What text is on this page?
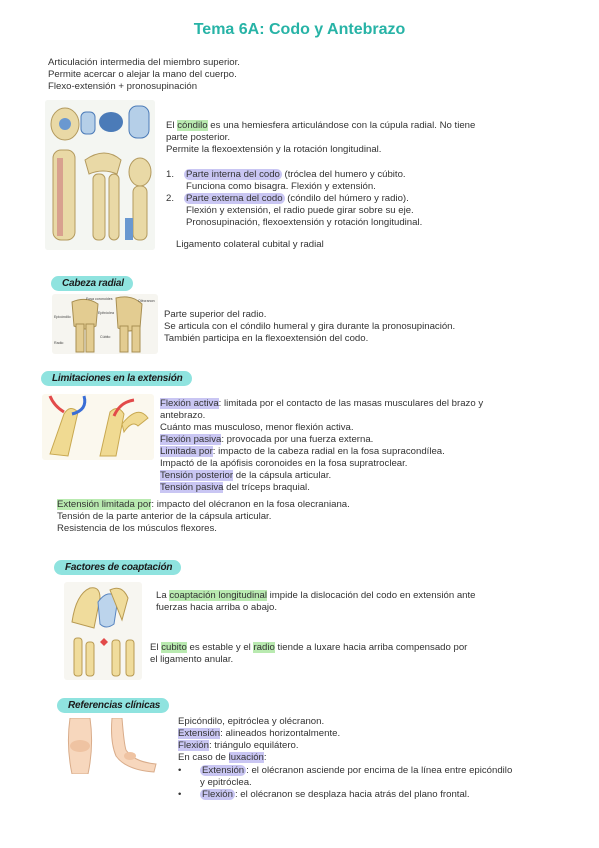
Tema 6A: Codo y Antebrazo
Articulación intermedia del miembro superior.
Permite acercar o alejar la mano del cuerpo.
Flexo-extensión + pronosupinación
El cóndilo es una hemiesfera articulándose con la cúpula radial. No tiene
parte posterior.
Permite la flexoextensión y la rotación longitudinal.
1. Parte interna del codo (tróclea del humero y cúbito.
Funciona como bisagra. Flexión y extensión.
2. Parte externa del codo (cóndilo del húmero y radio).
Flexión y extensión, el radio puede girar sobre su eje.
Pronosupinación, flexoextensión y rotación longitudinal.
Ligamento colateral cubital y radial
Cabeza radial
Fosa coronoides	Olécranon
Epicóndilo
Epitróclea
Cúbito
Radio
Parte superior del radio.
Se articula con el cóndilo humeral y gira durante la pronosupinación.
También participa en la flexoextensión del codo.
Limitaciones en la extensión
Flexión activa: limitada por el contacto de las masas musculares del brazo y
antebrazo.
Cuánto mas musculoso, menor flexión activa.
Flexión pasiva: provocada por una fuerza externa.
Limitada por: impacto de la cabeza radial en la fosa supracondílea.
Impactó de la apófisis coronoides en la fosa supratroclear.
Tensión posterior de la cápsula articular.
Tensión pasiva del tríceps braquial.
Extensión limitada por: impacto del olécranon en la fosa olecraniana.
Tensión de la parte anterior de la cápsula articular.
Resistencia de los músculos flexores.
Factores de coaptación
La coaptación longitudinal impide la dislocación del codo en extensión ante
fuerzas hacia arriba o abajo.
El cubito es estable y el radio tiende a luxare hacia arriba compensado por
el ligamento anular.
Referencias clínicas
Epicóndilo, epitróclea y olécranon.
Extensión: alineados horizontalmente.
Flexión: triángulo equilátero.
En caso de luxación:
• Extensión : el olécranon asciende por encima de la línea entre epicóndilo
y epitróclea.
• Flexión : el olécranon se desplaza hacia atrás del plano frontal.
